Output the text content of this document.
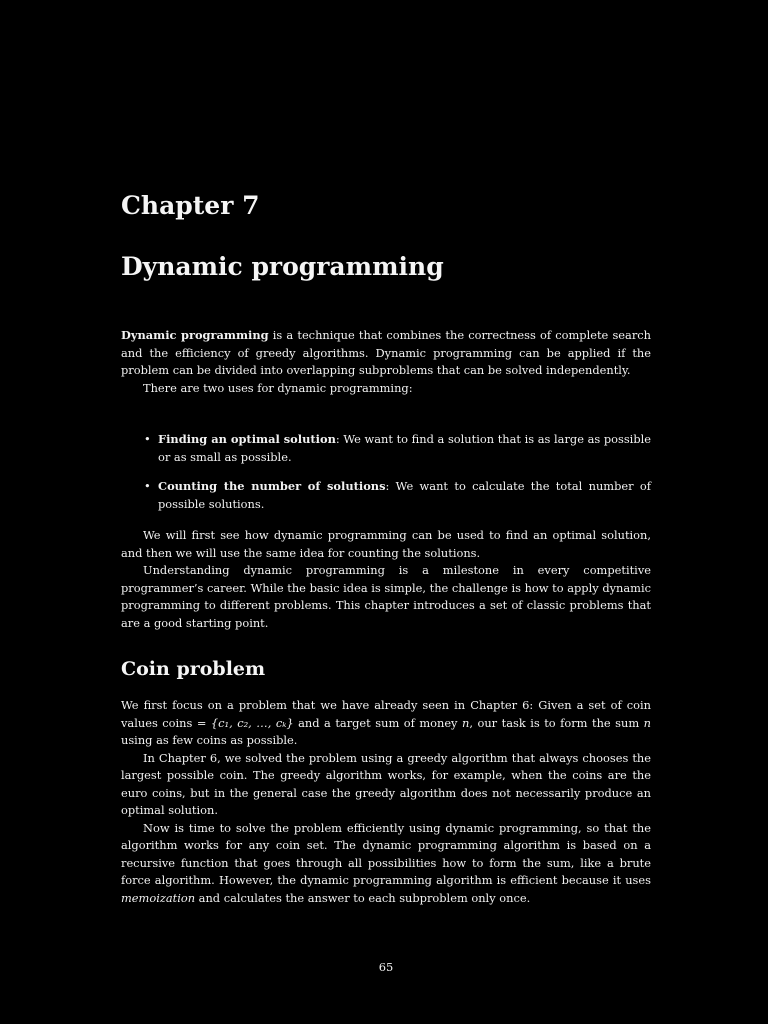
Chapter 7
Dynamic programming

Dynamic programming is a technique that combines the correctness of complete search and the efficiency of greedy algorithms. Dynamic programming can be applied if the problem can be divided into overlapping subproblems that can be solved independently.

There are two uses for dynamic programming:

• Finding an optimal solution: We want to find a solution that is as large as possible or as small as possible.
• Counting the number of solutions: We want to calculate the total number of possible solutions.

We will first see how dynamic programming can be used to find an optimal solution, and then we will use the same idea for counting the solutions.

Understanding dynamic programming is a milestone in every competitive programmer’s career. While the basic idea is simple, the challenge is how to apply dynamic programming to different problems. This chapter introduces a set of classic problems that are a good starting point.

Coin problem

We first focus on a problem that we have already seen in Chapter 6: Given a set of coin values coins = {c₁, c₂, …, cₖ} and a target sum of money n, our task is to form the sum n using as few coins as possible.

In Chapter 6, we solved the problem using a greedy algorithm that always chooses the largest possible coin. The greedy algorithm works, for example, when the coins are the euro coins, but in the general case the greedy algorithm does not necessarily produce an optimal solution.

Now is time to solve the problem efficiently using dynamic programming, so that the algorithm works for any coin set. The dynamic programming algorithm is based on a recursive function that goes through all possibilities how to form the sum, like a brute force algorithm. However, the dynamic programming algorithm is efficient because it uses memoization and calculates the answer to each subproblem only once.

65
